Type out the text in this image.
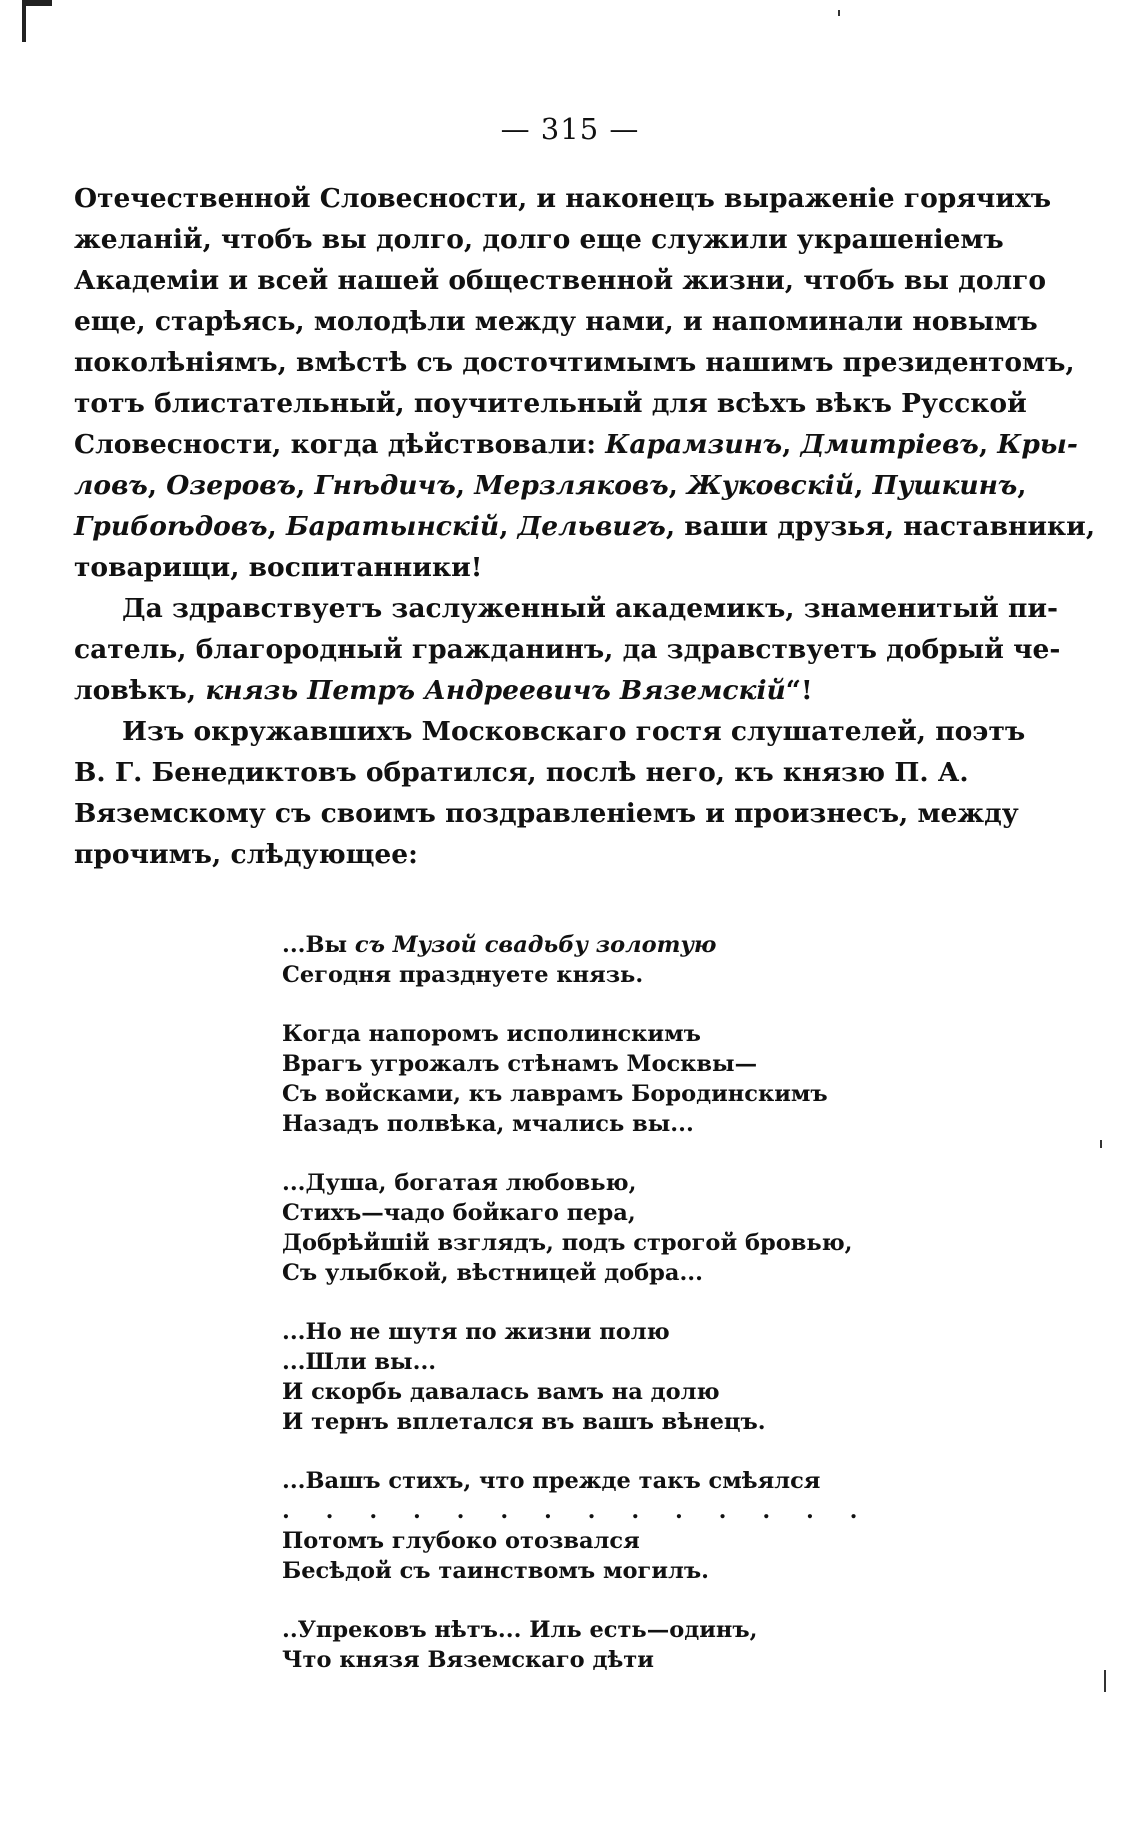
— 315 —
Отечественной Словесности, и наконецъ выраженіе горячихъ
желаній, чтобъ вы долго, долго еще служили украшеніемъ
Академіи и всей нашей общественной жизни, чтобъ вы долго
еще, старѣясь, молодѣли между нами, и напоминали новымъ
поколѣніямъ, вмѣстѣ съ досточтимымъ нашимъ президентомъ,
тотъ блистательный, поучительный для всѣхъ вѣкъ Русской
Словесности, когда дѣйствовали: Карамзинъ, Дмитріевъ, Кры-
ловъ, Озеровъ, Гнѣдичъ, Мерзляковъ, Жуковскій, Пушкинъ,
Грибоѣдовъ, Баратынскій, Дельвигъ, ваши друзья, наставники,
товарищи, воспитанники!
Да здравствуетъ заслуженный академикъ, знаменитый пи-
сатель, благородный гражданинъ, да здравствуетъ добрый че-
ловѣкъ, князь Петръ Андреевичъ Вяземскій“!
Изъ окружавшихъ Московскаго гостя слушателей, поэтъ
В. Г. Бенедиктовъ обратился, послѣ него, къ князю П. А.
Вяземскому съ своимъ поздравленіемъ и произнесъ, между
прочимъ, слѣдующее:
...Вы съ Музой свадьбу золотую
Сегодня празднуете князь.
Когда напоромъ исполинскимъ
Врагъ угрожалъ стѣнамъ Москвы—
Съ войсками, къ лаврамъ Бородинскимъ
Назадъ полвѣка, мчались вы...
...Душа, богатая любовью,
Стихъ—чадо бойкаго пера,
Добрѣйшій взглядъ, подъ строгой бровью,
Съ улыбкой, вѣстницей добра...
...Но не шутя по жизни полю
...Шли вы...
И скорбь давалась вамъ на долю
И тернъ вплетался въ вашъ вѣнецъ.
...Вашъ стихъ, что прежде такъ смѣялся
. . . . . . . . . . . . . .
Потомъ глубоко отозвался
Бесѣдой съ таинствомъ могилъ.
..Упрековъ нѣтъ... Иль есть—одинъ,
Что князя Вяземскаго дѣти
